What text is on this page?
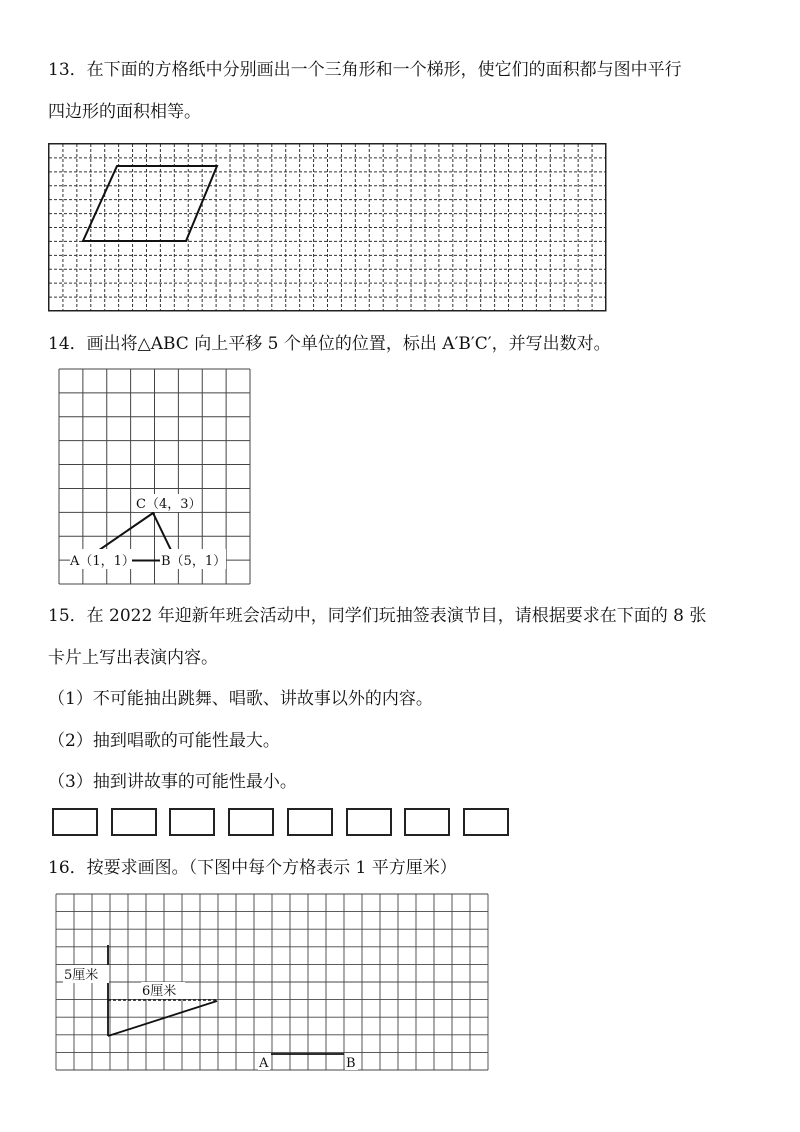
13．在下面的方格纸中分别画出一个三角形和一个梯形，使它们的面积都与图中平行
四边形的面积相等。
14．画出将△ABC 向上平移 5 个单位的位置，标出 A′B′C′，并写出数对。
A（1，1） B（5，1）
C（4，3）
15．在 2022 年迎新年班会活动中，同学们玩抽签表演节目，请根据要求在下面的 8 张
卡片上写出表演内容。
（1）不可能抽出跳舞、唱歌、讲故事以外的内容。
（2）抽到唱歌的可能性最大。
（3）抽到讲故事的可能性最小。
16．按要求画图。（下图中每个方格表示 1 平方厘米）
5厘米
6厘米
A	B
